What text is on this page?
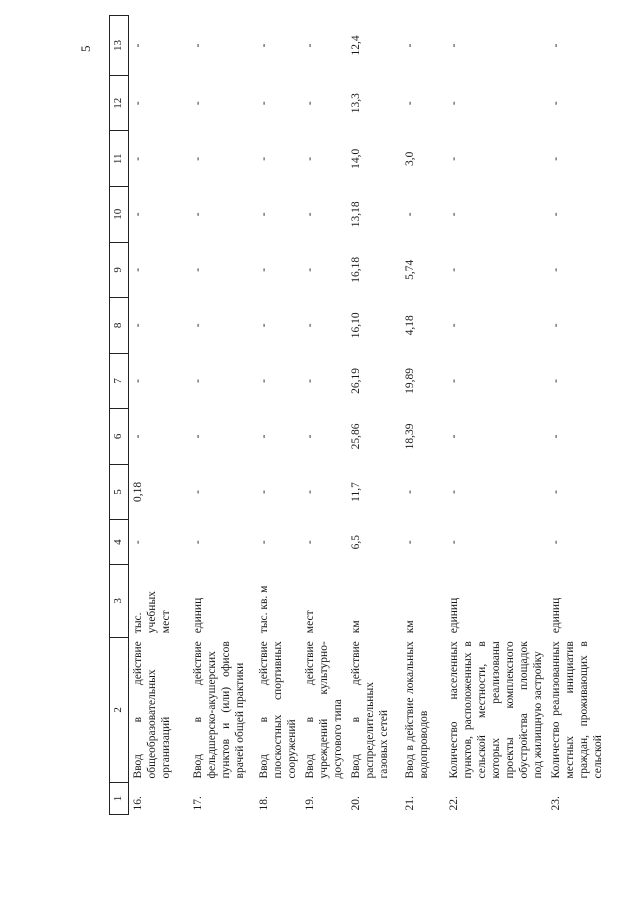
5
1	2	3	4	5	6	7	8	9	10	11	12	13
16.	Ввод в действие общеобразовательных организаций	тыс. учебных мест	-	0,18	-	-	-	-	-	-	-	-
17.	Ввод в действие фельдшерско-акушерских пунктов и (или) офисов врачей общей практики	единиц	-	-	-	-	-	-	-	-	-	-
18.	Ввод в действие плоскостных спортивных сооружений	тыс. кв. м	-	-	-	-	-	-	-	-	-	-
19.	Ввод в действие учреждений культурно-досугового типа	мест	-	-	-	-	-	-	-	-	-	-
20.	Ввод в действие распределительных газовых сетей	км	6,5	11,7	25,86	26,19	16,10	16,18	13,18	14,0	13,3	12,4
21.	Ввод в действие локальных водопроводов	км	-	-	18,39	19,89	4,18	5,74	-	3,0	-	-
22.	Количество населенных пунктов, расположенных в сельской местности, в которых реализованы проекты комплексного обустройства площадок под жилищную застройку	единиц	-	-	-	-	-	-	-	-	-	-
23.	Количество реализованных местных инициатив граждан, проживающих в сельской	единиц	-	-	-	-	-	-	-	-	-	-
